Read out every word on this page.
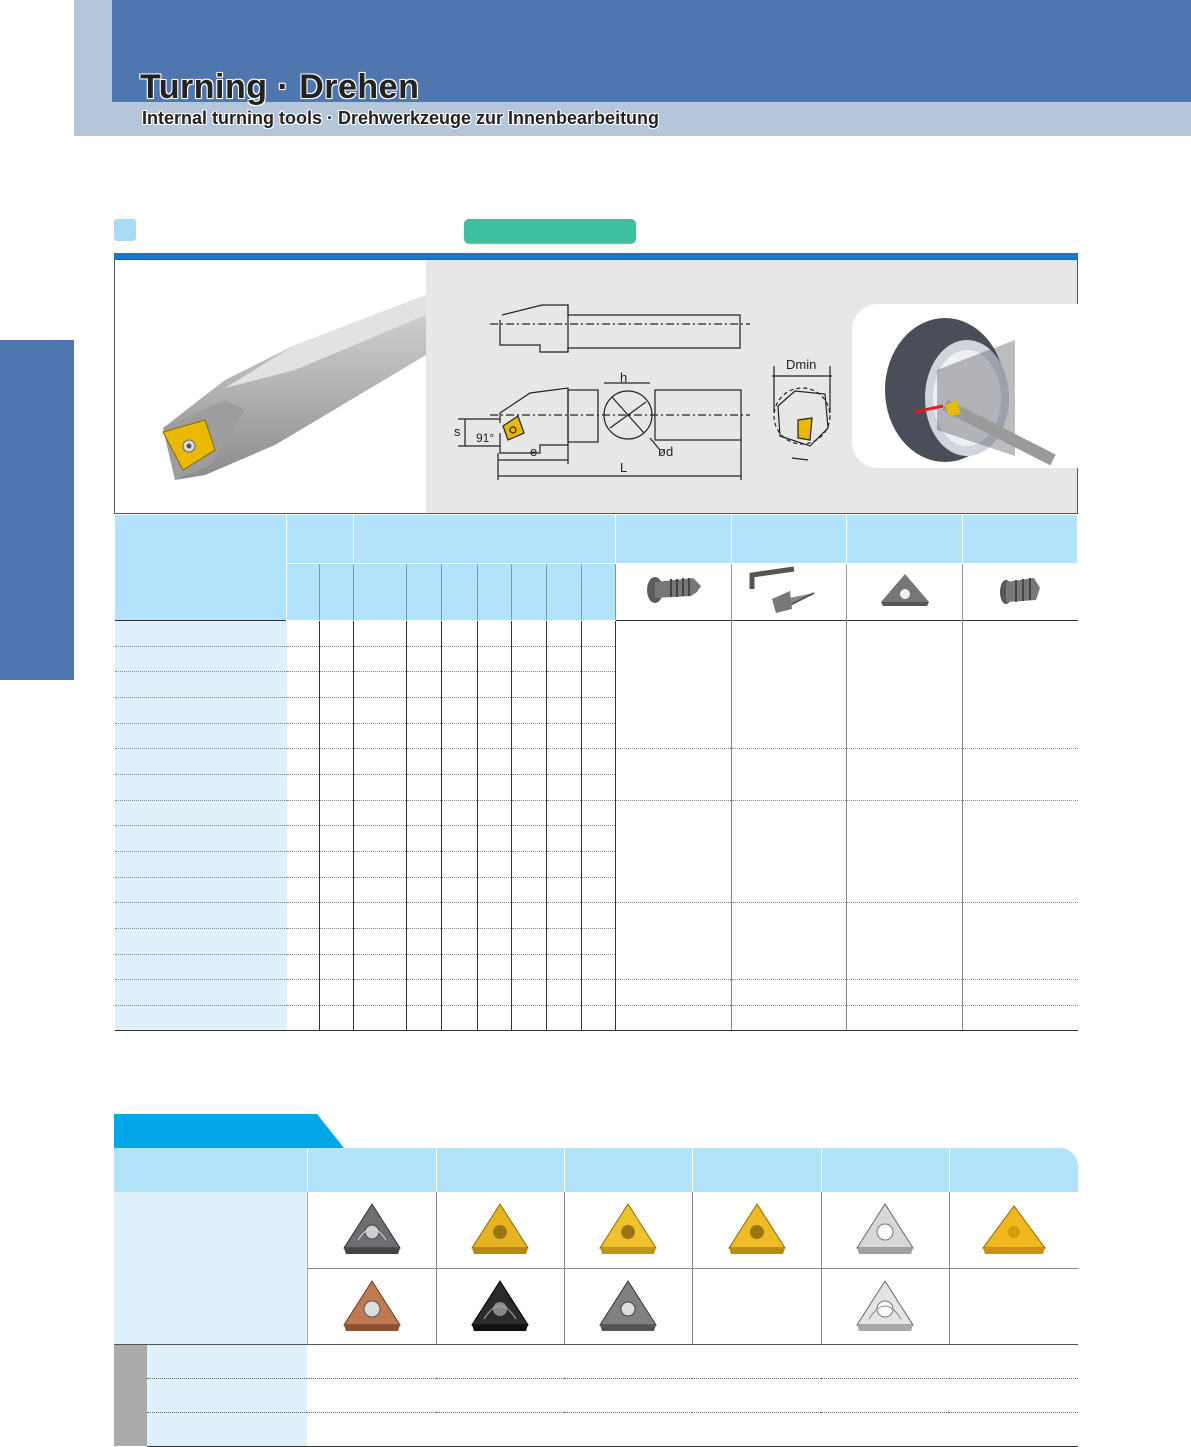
Turning · Drehen
Internal turning tools · Drehwerkzeuge zur Innenbearbeitung
h
s 91°
e	ød
L
Dmin
